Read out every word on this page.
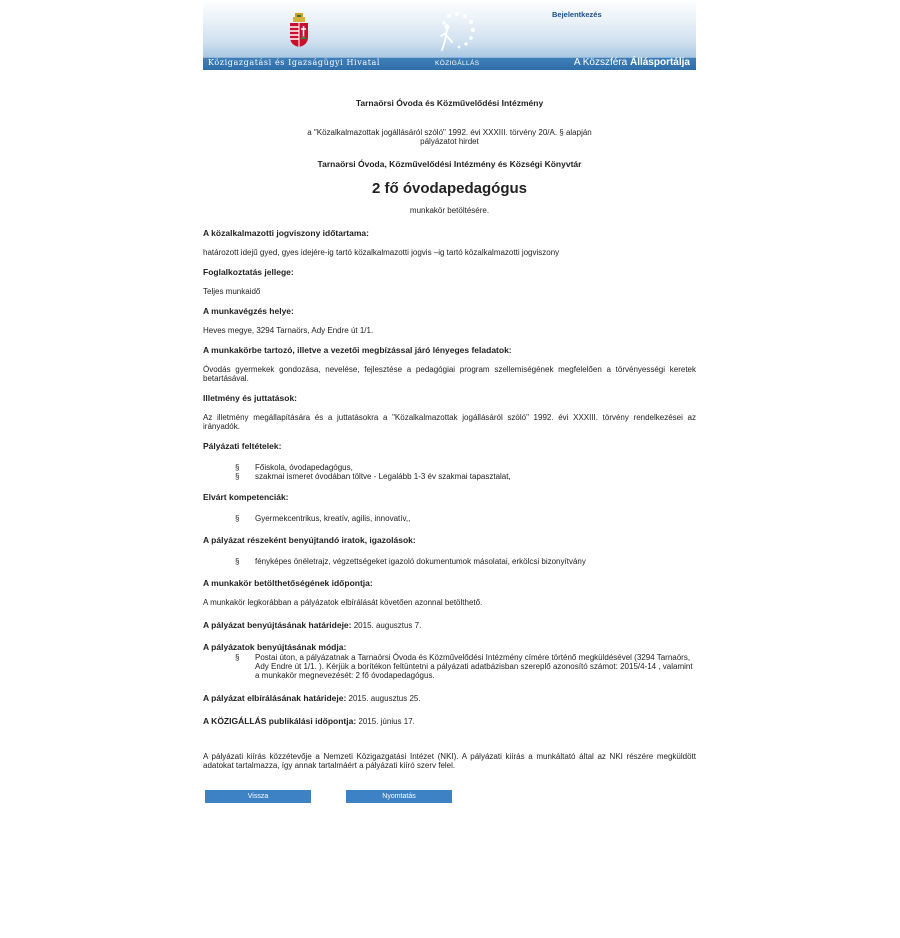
Bejelentkezés
Közigazgatási és Igazságügyi Hivatal	KÖZIGÁLLÁS	A Közszféra Állásportálja
Tarnaörsi Óvoda és Közművelődési Intézmény
a "Közalkalmazottak jogállásáról szóló" 1992. évi XXXIII. törvény 20/A. § alapján
pályázatot hirdet
Tarnaörsi Óvoda, Közművelődési Intézmény és Községi Könyvtár
2 fő óvodapedagógus
munkakör betöltésére.
A közalkalmazotti jogviszony időtartama:
határozott idejű gyed, gyes idejére-ig tartó közalkalmazotti jogvis –ig tartó közalkalmazotti jogviszony
Foglalkoztatás jellege:
Teljes munkaidő
A munkavégzés helye:
Heves megye, 3294 Tarnaörs, Ady Endre út 1/1.
A munkakörbe tartozó, illetve a vezetői megbízással járó lényeges feladatok:
Óvodás gyermekek gondozása, nevelése, fejlesztése a pedagógiai program szellemiségének megfelelően a törvényességi keretek betartásával.
Illetmény és juttatások:
Az illetmény megállapítására és a juttatásokra a "Közalkalmazottak jogállásáról szóló" 1992. évi XXXIII. törvény rendelkezései az irányadók.
Pályázati feltételek:
§ Főiskola, óvodapedagógus,
§ szakmai ismeret óvodában töltve - Legalább 1-3 év szakmai tapasztalat,
Elvárt kompetenciák:
§ Gyermekcentrikus, kreatív, agilis, innovatív,,
A pályázat részeként benyújtandó iratok, igazolások:
§ fényképes önéletrajz, végzettségeket igazoló dokumentumok másolatai, erkölcsi bizonyítvány
A munkakör betölthetőségének időpontja:
A munkakör legkorábban a pályázatok elbírálását követően azonnal betölthető.
A pályázat benyújtásának határideje: 2015. augusztus 7.
A pályázatok benyújtásának módja:
§ Postai úton, a pályázatnak a Tarnaörsi Óvoda és Közművelődési Intézmény címére történő megküldésével (3294 Tarnaörs, Ady Endre út 1/1. ). Kérjük a borítékon feltüntetni a pályázati adatbázisban szereplő azonosító számot: 2015/4-14 , valamint a munkakör megnevezését: 2 fő óvodapedagógus.
A pályázat elbírálásának határideje: 2015. augusztus 25.
A KÖZIGÁLLÁS publikálási időpontja: 2015. június 17.
A pályázati kiírás közzétevője a Nemzeti Közigazgatási Intézet (NKI). A pályázati kiírás a munkáltató által az NKI részére megküldött adatokat tartalmazza, így annak tartalmáért a pályázati kiíró szerv felel.
Vissza	Nyomtatás
